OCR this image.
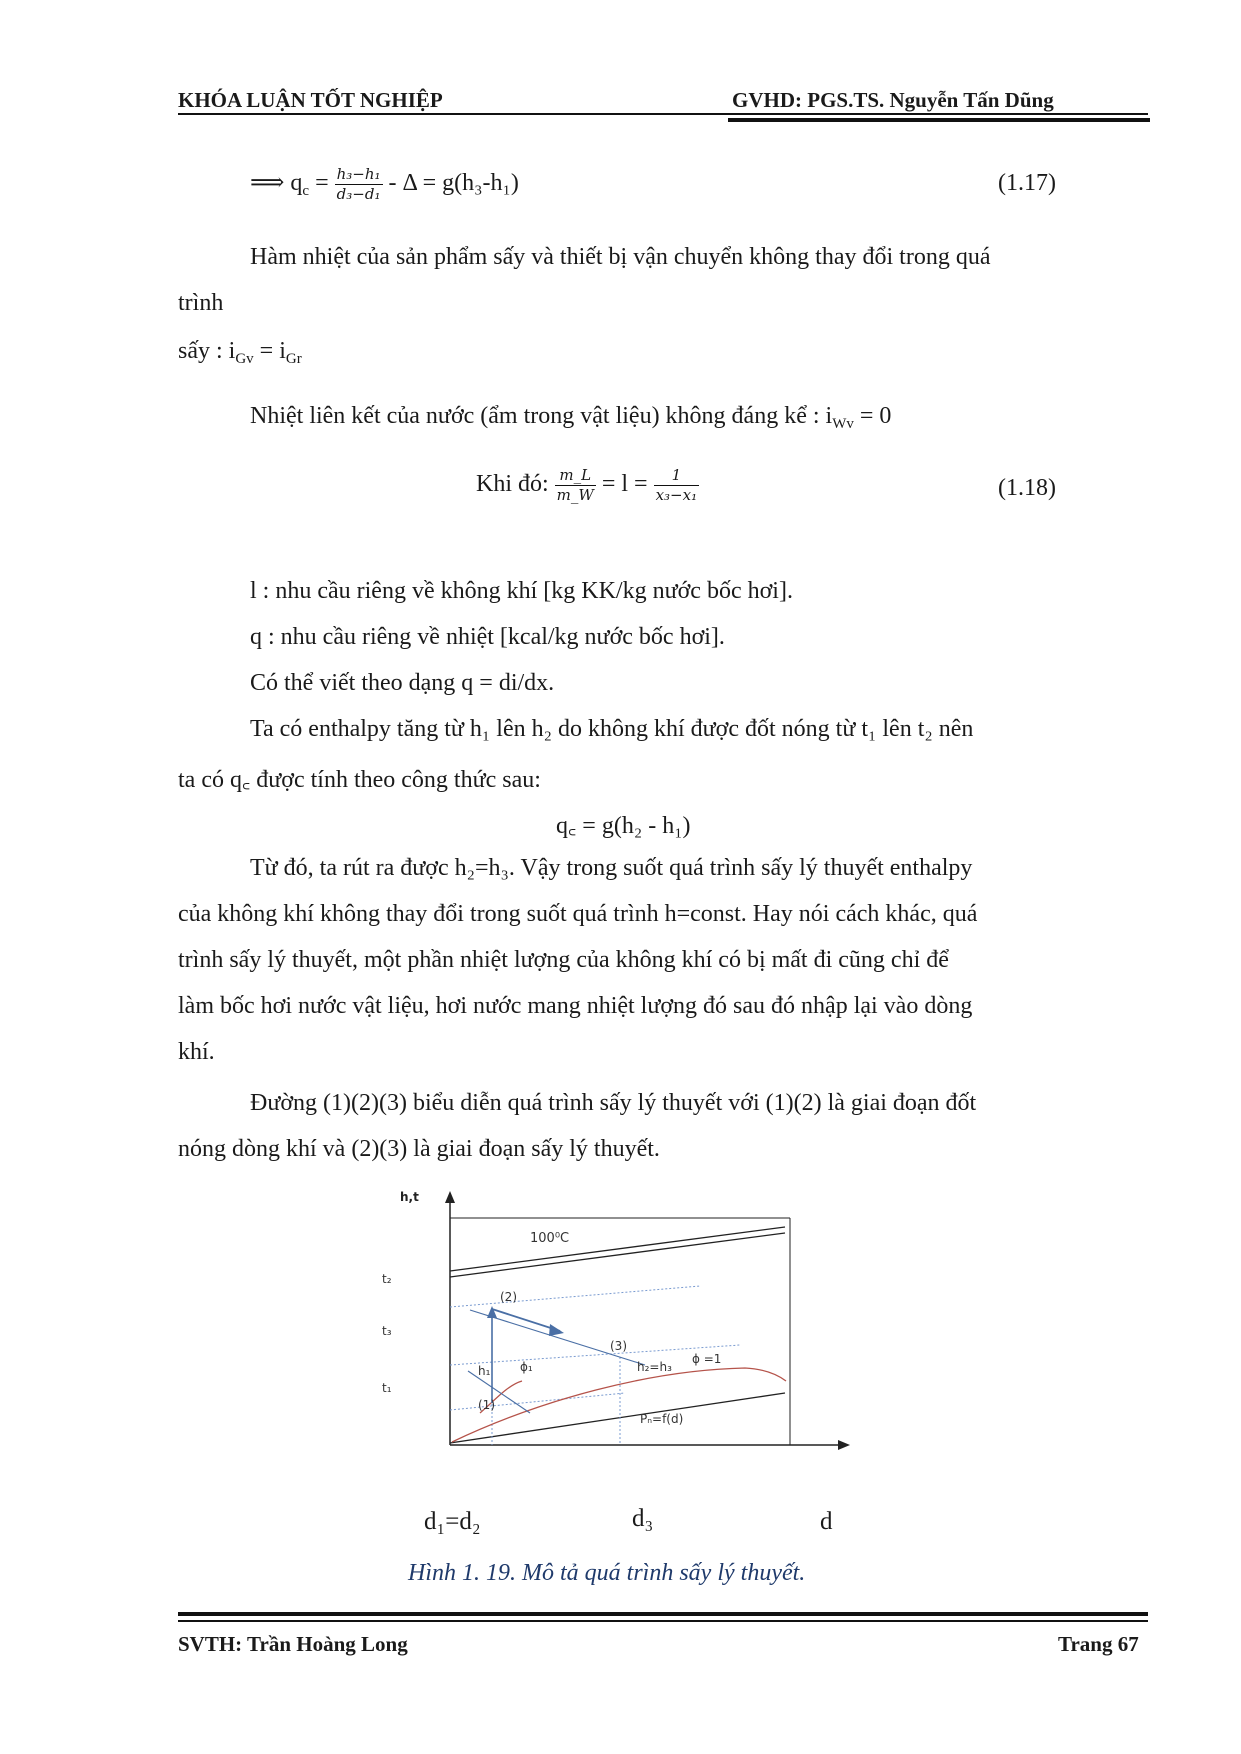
KHÓA LUẬN TỐT NGHIỆP	GVHD: PGS.TS. Nguyễn Tấn Dũng
⟹ $q_c = \frac{\text{h₃−h₁}}{\text{d₃−d₁}} - \Delta = g(h_3-h_1)$	(1.17)
Hàm nhiệt của sản phẩm sấy và thiết bị vận chuyển không thay đổi trong quá
trình
sấy : $i_{Gv} = i_{Gr}$
Nhiệt liên kết của nước (ẩm trong vật liệu) không đáng kể : $i_{Wv} = 0$
Khi đó: $\frac{m\_L}{m\_W} = l = \frac{1}{\text{x₃−x₁}}$	(1.18)
l : nhu cầu riêng về không khí [kg KK/kg nước bốc hơi].
q : nhu cầu riêng về nhiệt [kcal/kg nước bốc hơi].
Có thể viết theo dạng q = di/dx.
Ta có enthalpy tăng từ h₁ lên h₂ do không khí được đốt nóng từ t₁ lên t₂ nên
ta có q꜀ được tính theo công thức sau:
q꜀ = g(h₂ - h₁)
Từ đó, ta rút ra được h₂=h₃. Vậy trong suốt quá trình sấy lý thuyết enthalpy
của không khí không thay đổi trong suốt quá trình h=const. Hay nói cách khác, quá
trình sấy lý thuyết, một phần nhiệt lượng của không khí có bị mất đi cũng chỉ để
làm bốc hơi nước vật liệu, hơi nước mang nhiệt lượng đó sau đó nhập lại vào dòng
khí.
Đường (1)(2)(3) biểu diễn quá trình sấy lý thuyết với (1)(2) là giai đoạn đốt
nóng dòng khí và (2)(3) là giai đoạn sấy lý thuyết.
h,t
100⁰C
t₂
t₃
t₁
(2)
(3)
(1)
h₁ ϕ₁	h₂=h₃
ϕ =1
Pₙ=f(d)
d₁=d₂	d₃	d
Hình 1. 19. Mô tả quá trình sấy lý thuyết.
SVTH: Trần Hoàng Long	Trang 67
